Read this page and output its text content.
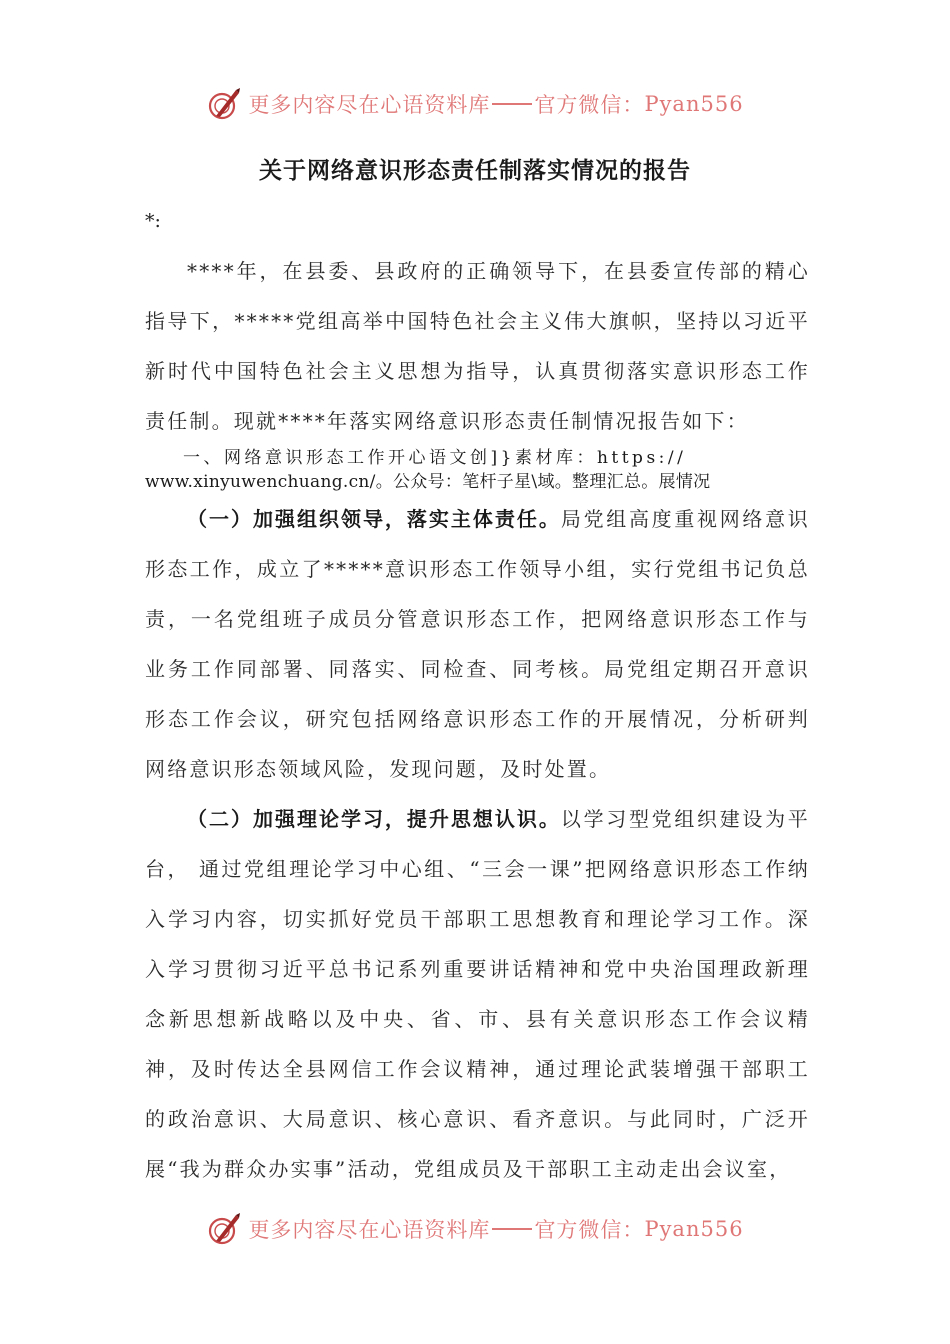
更多内容尽在心语资料库 官方微信： Pyan556
关于网络意识形态责任制落实情况的报告
*:

****年，在县委、县政府的正确领导下，在县委宣传部的精心指导下，*****党组高举中国特色社会主义伟大旗帜，坚持以习近平新时代中国特色社会主义思想为指导，认真贯彻落实意识形态工作责任制。现就****年落实网络意识形态责任制情况报告如下：

一、网络意识形态工作开心语文创]}素材库：https://

www.xinyuwenchuang.cn/。公众号：笔杆子星\域。整理汇总。展情况

（一）加强组织领导，落实主体责任。局党组高度重视网络意识形态工作，成立了*****意识形态工作领导小组，实行党组书记负总责，一名党组班子成员分管意识形态工作，把网络意识形态工作与业务工作同部署、同落实、同检查、同考核。局党组定期召开意识形态工作会议，研究包括网络意识形态工作的开展情况，分析研判网络意识形态领域风险，发现问题，及时处置。

（二）加强理论学习，提升思想认识。以学习型党组织建设为平台， 通过党组理论学习中心组、“三会一课”把网络意识形态工作纳入学习内容，切实抓好党员干部职工思想教育和理论学习工作。深入学习贯彻习近平总书记系列重要讲话精神和党中央治国理政新理念新思想新战略以及中央、省、市、县有关意识形态工作会议精神，及时传达全县网信工作会议精神，通过理论武装增强干部职工的政治意识、大局意识、核心意识、看齐意识。与此同时，广泛开展“我为群众办实事”活动，党组成员及干部职工主动走出会议室，

更多内容尽在心语资料库 官方微信： Pyan556
